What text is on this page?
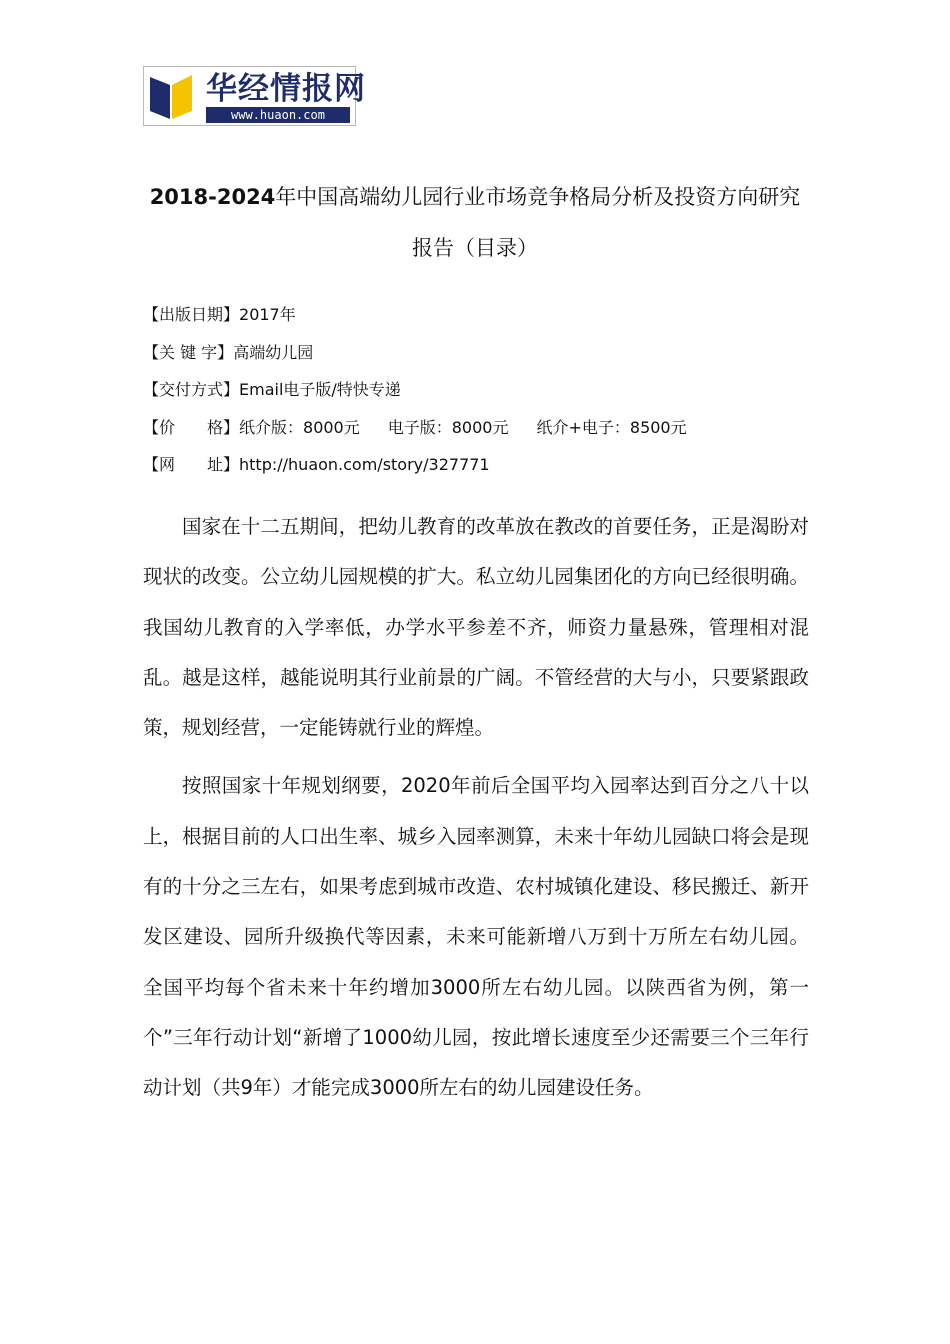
华经情报网
www.huaon.com
2018-2024年中国高端幼儿园行业市场竞争格局分析及投资方向研究报告（目录）
【出版日期】2017年
【关 键 字】高端幼儿园
【交付方式】Email电子版/特快专递
【价　　格】纸介版：8000元 电子版：8000元 纸介+电子：8500元
【网　　址】http://huaon.com/story/327771

国家在十二五期间，把幼儿教育的改革放在教改的首要任务，正是渴盼对现状的改变。公立幼儿园规模的扩大。私立幼儿园集团化的方向已经很明确。我国幼儿教育的入学率低，办学水平参差不齐，师资力量悬殊，管理相对混乱。越是这样，越能说明其行业前景的广阔。不管经营的大与小，只要紧跟政策，规划经营，一定能铸就行业的辉煌。

按照国家十年规划纲要，2020年前后全国平均入园率达到百分之八十以上，根据目前的人口出生率、城乡入园率测算，未来十年幼儿园缺口将会是现有的十分之三左右，如果考虑到城市改造、农村城镇化建设、移民搬迁、新开发区建设、园所升级换代等因素，未来可能新增八万到十万所左右幼儿园。 全国平均每个省未来十年约增加3000所左右幼儿园。以陕西省为例，第一个”三年行动计划“新增了1000幼儿园，按此增长速度至少还需要三个三年行动计划（共9年）才能完成3000所左右的幼儿园建设任务。
